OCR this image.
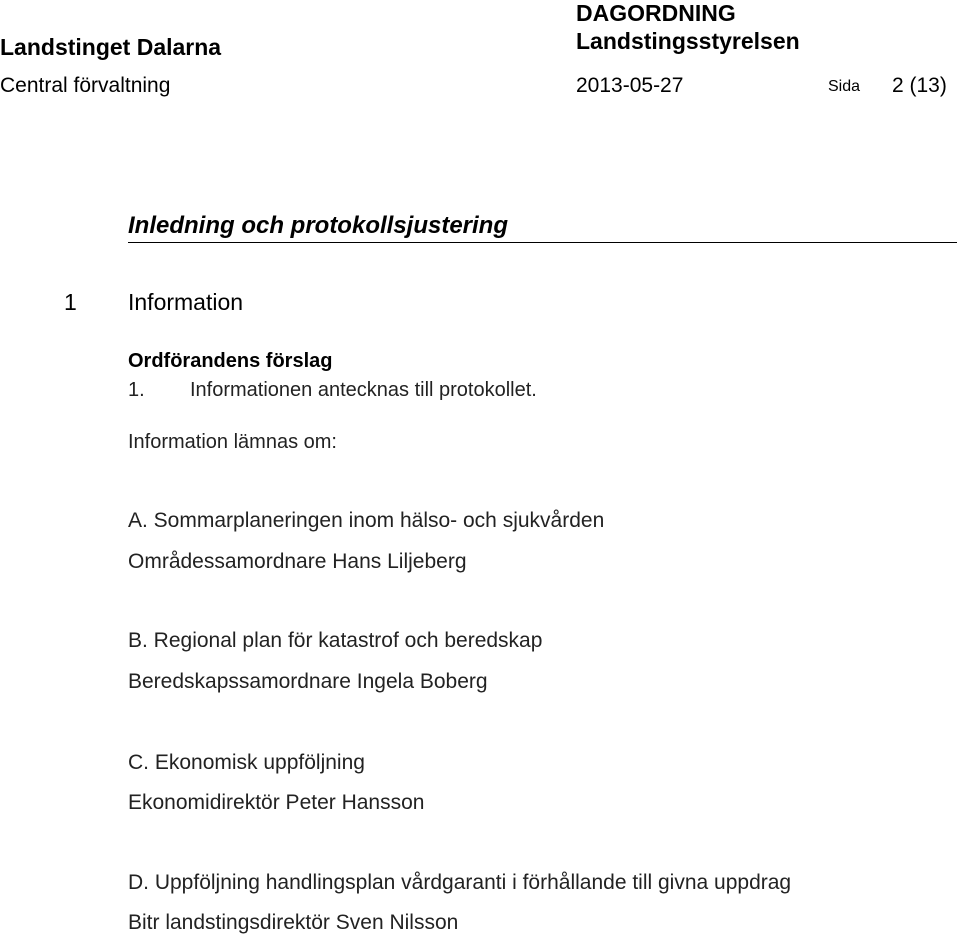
DAGORDNING
Landstinget Dalarna	Landstingsstyrelsen
Central förvaltning	2013-05-27	Sida 2 (13)
Inledning och protokollsjustering
1 Information
Ordförandens förslag
1. Informationen antecknas till protokollet.
Information lämnas om:
A. Sommarplaneringen inom hälso- och sjukvården
Områdessamordnare Hans Liljeberg
B. Regional plan för katastrof och beredskap
Beredskapssamordnare Ingela Boberg
C. Ekonomisk uppföljning
Ekonomidirektör Peter Hansson
D. Uppföljning handlingsplan vårdgaranti i förhållande till givna uppdrag
Bitr landstingsdirektör Sven Nilsson
